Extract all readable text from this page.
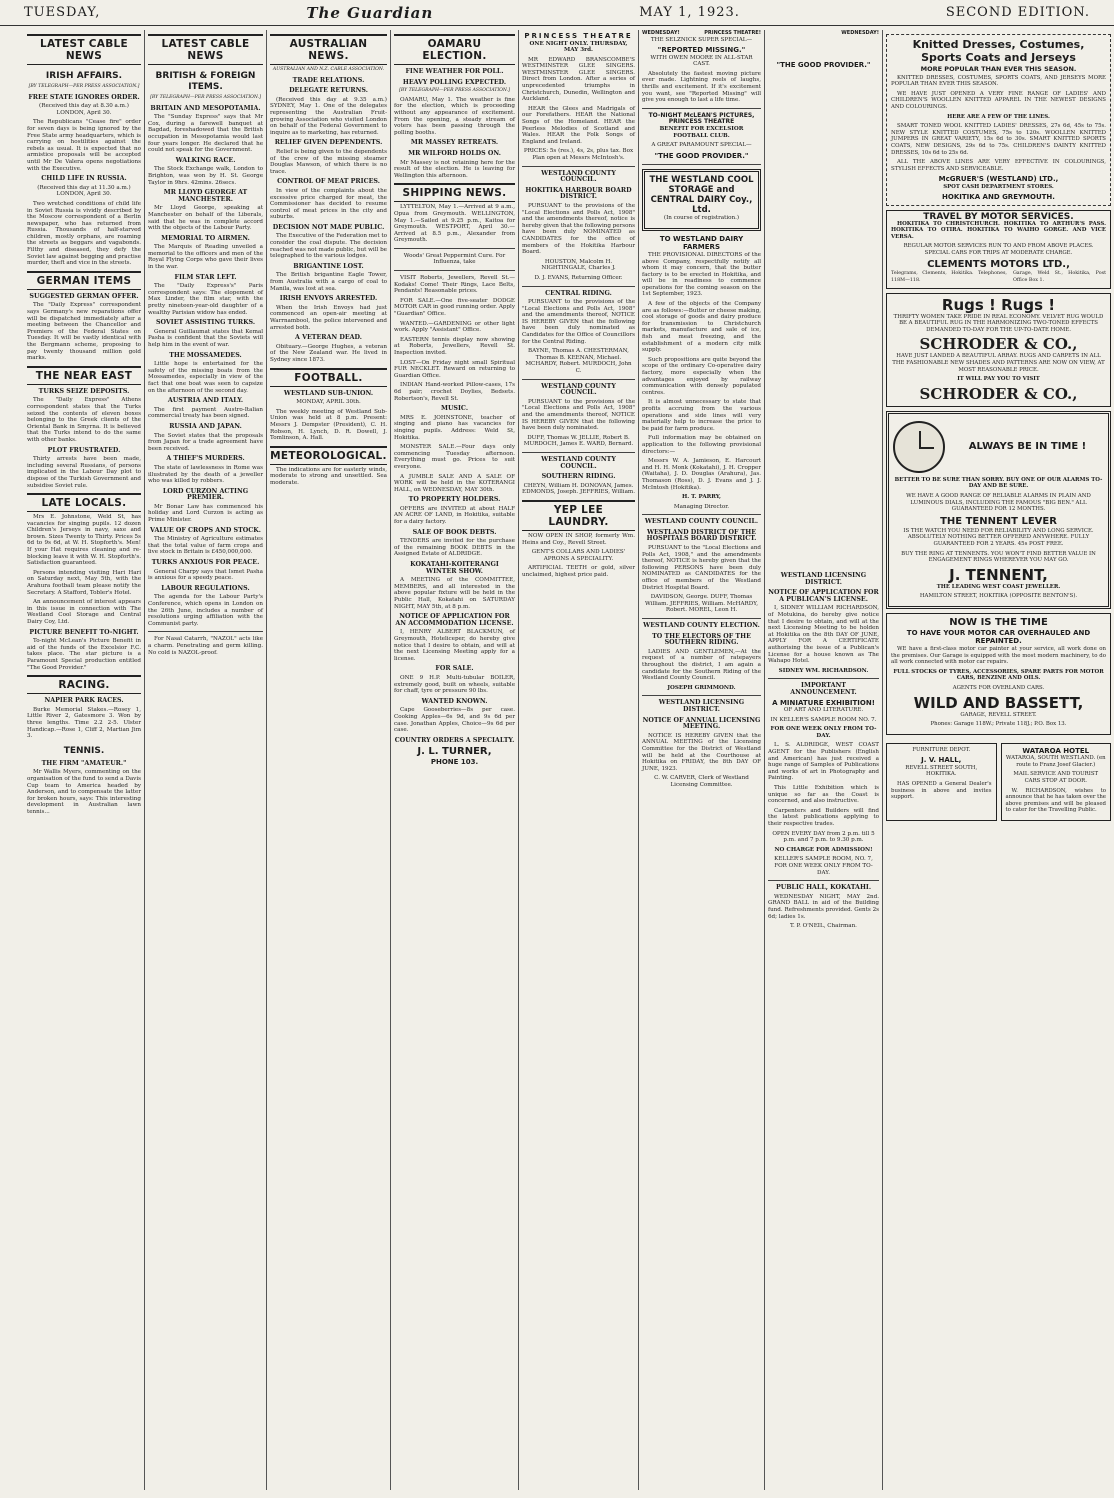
TUESDAY,	The Guardian	MAY 1, 1923.	SECOND EDITION.
LATEST CABLE NEWS
IRISH AFFAIRS.
[BY TELEGRAPH—PER PRESS ASSOCIATION.]
FREE STATE IGNORES ORDER.

(Received this day at 8.30 a.m.) LONDON, April 30.

The Republicans "Cease fire" order for seven days is being ignored by the Free State army headquarters, which is carrying on hostilities against the rebels as usual. It is expected that no armistice proposals will be accepted until Mr De Valera opens negotiations with the Executive.

CHILD LIFE IN RUSSIA.

(Received this day at 11.30 a.m.) LONDON, April 30.

Two wretched conditions of child life in Soviet Russia is vividly described by the Moscow correspondent of a Berlin newspaper, who has returned from Russia. Thousands of half-starved children, mostly orphans, are roaming the streets as beggars and vagabonds. Filthy and diseased, they defy the Soviet law against begging and practise murder, theft and vice in the streets.

GERMAN ITEMS
SUGGESTED GERMAN OFFER.

The "Daily Express" correspondent says Germany's new reparations offer will be dispatched immediately after a meeting between the Chancellor and Premiers of the Federal States on Tuesday. It will be vastly identical with the Bergmann scheme, proposing to pay twenty thousand million gold marks.

THE NEAR EAST
TURKS SEIZE DEPOSITS.

The "Daily Express" Athens correspondent states that the Turks seized the contents of eleven boxes belonging to the Greek clients of the Oriental Bank in Smyrna. It is believed that the Turks intend to do the same with other banks.

PLOT FRUSTRATED.

Thirty arrests have been made, including several Russians, of persons implicated in the Labour Day plot to dispose of the Turkish Government and subsidise Soviet rule.

LATE LOCALS.

Mrs E. Johnstone, Weld St, has vacancies for singing pupils. 12 dozen Children's Jerseys in navy, saxe and brown. Sizes Twenty to Thirty. Prices 5s 6d to 9s 6d, at W. H. Stopforth's. Men! If your Hat requires cleaning and re-blocking leave it with W. H. Stopforth's. Satisfaction guaranteed.

Persons intending visiting Hari Hari on Saturday next, May 5th, with the Arahura football team please notify the Secretary. A Stafford, Tobler's Hotel.

An announcement of interest appears in this issue in connection with The Westland Cool Storage and Central Dairy Coy, Ltd.

PICTURE BENEFIT TO-NIGHT.

To-night McLean's Picture Benefit in aid of the funds of the Excelsior F.C. takes place. The star picture is a Paramount Special production entitled "The Good Provider."

RACING.
NAPIER PARK RACES.

Burke Memorial Stakes.—Rosey 1, Little River 2, Gatesmore 3. Won by three lengths. Time 2.2 2-5. Ulster Handicap.—Rose 1, Cliff 2, Martian Jim 3.

TENNIS.
THE FIRM "AMATEUR."

Mr Wallis Myers, commenting on the organisation of the fund to send a Davis Cup team to America headed by Anderson, and to compensate the latter for broken hours, says: This interesting development in Australian lawn tennis...

LATEST CABLE NEWS
BRITISH & FOREIGN ITEMS.
[BY TELEGRAPH—PER PRESS ASSOCIATION.]
BRITAIN AND MESOPOTAMIA.

The "Sunday Express" says that Mr Cox, during a farewell banquet at Bagdad, foreshadowed that the British occupation in Mesopotamia would last four years longer. He declared that he could not speak for the Government.

WALKING RACE.

The Stock Exchange walk, London to Brighton, was won by H. St. George Taylor in 9hrs. 42mins. 26secs.

MR LLOYD GEORGE AT MANCHESTER.

Mr Lloyd George, speaking at Manchester on behalf of the Liberals, said that he was in complete accord with the objects of the Labour Party.

MEMORIAL TO AIRMEN.

The Marquis of Reading unveiled a memorial to the officers and men of the Royal Flying Corps who gave their lives in the war.

FILM STAR LEFT.

The "Daily Express's" Paris correspondent says: The elopement of Max Linder, the film star, with the pretty nineteen-year-old daughter of a wealthy Parisian widow has ended.

SOVIET ASSISTING TURKS.

General Guillaumat states that Kemal Pasha is confident that the Soviets will help him in the event of war.

THE MOSSAMEDES.

Little hope is entertained for the safety of the missing boats from the Mossamedes, especially in view of the fact that one boat was seen to capsize on the afternoon of the second day.

AUSTRIA AND ITALY.

The first payment Austro-Italian commercial treaty has been signed.

RUSSIA AND JAPAN.

The Soviet states that the proposals from Japan for a trade agreement have been received.

A THIEF'S MURDERS.

The state of lawlessness in Rome was illustrated by the death of a jeweller who was killed by robbers.

LORD CURZON ACTING PREMIER.

Mr Bonar Law has commenced his holiday and Lord Curzon is acting as Prime Minister.

VALUE OF CROPS AND STOCK.

The Ministry of Agriculture estimates that the total value of farm crops and live stock in Britain is £450,000,000.

TURKS ANXIOUS FOR PEACE.

General Charpy says that Ismet Pasha is anxious for a speedy peace.

LABOUR REGULATIONS.

The agenda for the Labour Party's Conference, which opens in London on the 26th June, includes a number of resolutions urging affiliation with the Communist party.

For Nasal Catarrh, "NAZOL" acts like a charm. Penetrating and germ killing. No cold is NAZOL-proof.

AUSTRALIAN NEWS.
AUSTRALIAN AND N.Z. CABLE ASSOCIATION.
TRADE RELATIONS.
DELEGATE RETURNS.

(Received this day at 9.35 a.m.) SYDNEY, May 1. One of the delegates representing the Australian Fruit-growing Association who visited London on behalf of the Federal Government to inquire as to marketing, has returned.

RELIEF GIVEN DEPENDENTS.

Relief is being given to the dependents of the crew of the missing steamer Douglas Mawson, of which there is no trace.

CONTROL OF MEAT PRICES.

In view of the complaints about the excessive price charged for meat, the Commissioner has decided to resume control of meat prices in the city and suburbs.

DECISION NOT MADE PUBLIC.

The Executive of the Federation met to consider the coal dispute. The decision reached was not made public, but will be telegraphed to the various lodges.

BRIGANTINE LOST.

The British brigantine Eagle Tower, from Australia with a cargo of coal to Manila, was lost at sea.

IRISH ENVOYS ARRESTED.

When the Irish Envoys had just commenced an open-air meeting at Warrnambool, the police intervened and arrested both.

A VETERAN DEAD.

Obituary.—George Hughes, a veteran of the New Zealand war. He lived in Sydney since 1873.

FOOTBALL.
WESTLAND SUB-UNION.

MONDAY, APRIL 30th.

The weekly meeting of Westland Sub-Union was held at 8 p.m. Present: Messrs J. Dempster (President), C. H. Robson, H. Lynch, D. R. Dowell, J. Tomlinson, A. Hall.

METEOROLOGICAL.

The indications are for easterly winds, moderate to strong and unsettled. Sea moderate.

OAMARU ELECTION.
FINE WEATHER FOR POLL.
HEAVY POLLING EXPECTED.
[BY TELEGRAPH—PER PRESS ASSOCIATION.]

OAMARU, May 1. The weather is fine for the election, which is proceeding without any appearance of excitement. From the opening, a steady stream of voters has been passing through the polling booths.

MR MASSEY RETREATS.
MR WILFORD HOLDS ON.

Mr Massey is not retaining here for the result of the election. He is leaving for Wellington this afternoon.

SHIPPING NEWS.

LYTTELTON, May 1.—Arrived at 9 a.m., Opua from Greymouth. WELLINGTON, May 1.—Sailed at 9.25 p.m., Kaitoa for Greymouth. WESTPORT, April 30.—Arrived at 8.5 p.m., Alexander from Greymouth.

Woods' Great Peppermint Cure. For Influenza, take

VISIT Roberts, Jewellers, Revell St.—Kodaks! Come! Their Rings, Lace Belts, Pendants! Reasonable prices.

FOR SALE.—One five-seater DODGE MOTOR CAR in good running order. Apply "Guardian" Office.

WANTED.—GARDENING or other light work. Apply "Assistant" Office.

EASTERN tennis display now showing at Roberts, Jewellers, Revell St. Inspection invited.

LOST—On Friday night small Spiritual FUR NECKLET. Reward on returning to Guardian Office.

INDIAN Hand-worked Pillow-cases, 17s 6d pair; crochet Doylies, Bedsets. Robertson's, Revell St.

MUSIC.

MRS E. JOHNSTONE, teacher of singing and piano has vacancies for singing pupils. Address: Weld St, Hokitika.

MONSTER SALE.—Four days only commencing Tuesday afternoon. Everything must go. Prices to suit everyone.

A JUMBLE SALE AND A SALE OF WORK will be held in the KOTERANGI HALL, on WEDNESDAY, MAY 30th.

TO PROPERTY HOLDERS.

OFFERS are INVITED at about HALF AN ACRE OF LAND, in Hokitika, suitable for a dairy factory.

SALE OF BOOK DEBTS.

TENDERS are invited for the purchase of the remaining BOOK DEBTS in the Assigned Estate of ALDRIDGE.

KOKATAHI-KOITERANGI WINTER SHOW.

A MEETING of the COMMITTEE, MEMBERS, and all interested in the above popular fixture will be held in the Public Hall, Kokatahi on SATURDAY NIGHT, MAY 5th, at 8 p.m.

NOTICE OF APPLICATION FOR AN ACCOMMODATION LICENSE.

I, HENRY ALBERT BLACKMUN, of Greymouth, Hoteliceper, do hereby give notice that I desire to obtain, and will at the next Licensing Meeting apply for a license.

FOR SALE.

ONE 9 H.P. Multi-tubular BOILER, extremely good, built on wheels, suitable for chaff, tyre or pressure 90 lbs.

WANTED KNOWN.

Cape Gooseberries—8s per case. Cooking Apples—6s 9d, and 9s 6d per case. Jonathan Apples, Choice—9s 6d per case.

COUNTRY ORDERS A SPECIALTY.
J. L. TURNER,
PHONE 103.
PRINCESS THEATRE

ONE NIGHT ONLY. THURSDAY, MAY 3rd.

MR EDWARD BRANSCOMBE'S WESTMINSTER GLEE SINGERS. WESTMINSTER GLEE SINGERS. Direct from London. After a series of unprecedented triumphs in Christchurch, Dunedin, Wellington and Auckland.

HEAR the Glees and Madrigals of our Forefathers. HEAR the National Songs of the Homeland. HEAR the Peerless Melodies of Scotland and Wales. HEAR the Folk Songs of England and Ireland.

PRICES: 5s (res.), 4s, 2s, plus tax. Box Plan open at Messrs McIntosh's.

WESTLAND COUNTY COUNCIL.
HOKITIKA HARBOUR BOARD DISTRICT.

PURSUANT to the provisions of the "Local Elections and Polls Act, 1908" and the amendments thereof, notice is hereby given that the following persons have been duly NOMINATED as CANDIDATES for the office of members of the Hokitika Harbour Board.

HOUSTON, Malcolm H. NIGHTINGALE, Charles J.

D. J. EVANS, Returning Officer.

CENTRAL RIDING.

PURSUANT to the provisions of the "Local Elections and Polls Act, 1908" and the amendments thereof, NOTICE IS HEREBY GIVEN that the following have been duly nominated as Candidates for the Office of Councillors for the Central Riding.

BAYNE, Thomas A. CHESTERMAN, Thomas B. KEENAN, Michael. MCHARDY, Robert. MURDOCH, John C.

WESTLAND COUNTY COUNCIL.

PURSUANT to the provisions of the "Local Elections and Polls Act, 1908" and the amendments thereof, NOTICE IS HEREBY GIVEN that the following have been duly nominated.

DUFF, Thomas W. JELLIE, Robert B. MURDOCH, James E. WARD, Bernard.

WESTLAND COUNTY COUNCIL.
SOUTHERN RIDING.

CHEYN, William H. DONOVAN, James. EDMONDS, Joseph. JEFFRIES, William.

YEP LEE LAUNDRY.

NOW OPEN IN SHOP, formerly Wm. Heins and Coy., Revell Street.

GENT'S COLLARS AND LADIES' APRONS A SPECIALITY.

ARTIFICIAL TEETH or gold, silver unclaimed, highest price paid.

WEDNESDAY!	PRINCESS THEATRE!

THE SELZNICK SUPER SPECIAL—

"REPORTED MISSING."

WITH OWEN MOORE IN ALL-STAR CAST.

Absolutely the fastest moving picture ever made. Lightning reels of laughs, thrills and excitement. If it's excitement you want, see "Reported Missing" will give you enough to last a life time.

TO-NIGHT McLEAN'S PICTURES, PRINCESS THEATRE

BENEFIT FOR EXCELSIOR FOOTBALL CLUB.

A GREAT PARAMOUNT SPECIAL—

"THE GOOD PROVIDER."
THE WESTLAND COOL STORAGE and CENTRAL DAIRY Coy., Ltd.

(In course of registration.)

TO WESTLAND DAIRY FARMERS

THE PROVISIONAL DIRECTORS of the above Company, respectfully notify all whom it may concern, that the butter factory is to be erected in Hokitika, and will be in readiness to commence operations for the coming season on the 1st September, 1923.

A few of the objects of the Company are as follows:—Butter or cheese making, cool storage of goods and dairy produce for transmission to Christchurch markets, manufacture and sale of ice, fish and meat freezing, and the establishment of a modern city milk supply.

Such propositions are quite beyond the scope of the ordinary Co-operative dairy factory, more especially when the advantages enjoyed by railway communication with densely populated centres.

It is almost unnecessary to state that profits accruing from the various operations and side lines will very materially help to increase the price to be paid for farm produce.

Full information may be obtained on application to the following provisional directors:—

Messrs W. A. Jamieson, E. Harcourt and H. H. Monk (Kokatahi), J. H. Cropper (Waitaha), J. D. Douglas (Arahura), Jas. Thomason (Ross), D. J. Evans and J. J. McIntosh (Hokitika).

H. T. PARRY,

Managing Director.

WESTLAND COUNTY COUNCIL.
WESTLAND DISTRICT OF THE HOSPITALS BOARD DISTRICT.

PURSUANT to the "Local Elections and Polls Act, 1908," and the amendments thereof, NOTICE is hereby given that the following PERSONS have been duly NOMINATED as CANDIDATES for the office of members of the Westland District Hospital Board.

DAVIDSON, George. DUFF, Thomas William. JEFFRIES, William. McHARDY, Robert. MOREL, Leon H.

WESTLAND COUNTY ELECTION.
TO THE ELECTORS OF THE SOUTHERN RIDING.

LADIES AND GENTLEMEN,—At the request of a number of ratepayers throughout the district, I am again a candidate for the Southern Riding of the Westland County Council.

JOSEPH GRIMMOND.

WESTLAND LICENSING DISTRICT.
NOTICE OF ANNUAL LICENSING MEETING.

NOTICE IS HEREBY GIVEN that the ANNUAL MEETING of the Licensing Committee for the District of Westland will be held at the Courthouse at Hokitika on FRIDAY, the 8th DAY OF JUNE, 1923.

C. W. CARVER, Clerk of Westland Licensing Committee.

WEDNESDAY!
"THE GOOD PROVIDER."
WESTLAND LICENSING DISTRICT.
NOTICE OF APPLICATION FOR A PUBLICAN'S LICENSE.

I, SIDNEY WILLIAM RICHARDSON, of Motukina, do hereby give notice that I desire to obtain, and will at the next Licensing Meeting to be holden at Hokitika on the 8th DAY OF JUNE, APPLY FOR A CERTIFICATE authorising the issue of a Publican's License for a house known as The Wahapo Hotel.

SIDNEY WM. RICHARDSON.

IMPORTANT ANNOUNCEMENT.
A MINIATURE EXHIBITION!

OF ART AND LITERATURE.

IN KELLER'S SAMPLE ROOM NO. 7.

FOR ONE WEEK ONLY FROM TO-DAY.

L. S. ALDRIDGE, WEST COAST AGENT for the Publishers (English and American) has just received a huge range of Samples of Publications and works of art in Photography and Painting.

This Little Exhibition which is unique so far as the Coast is concerned, and also instructive.

Carpenters and Builders will find the latest publications applying to their respective trades.

OPEN EVERY DAY from 2 p.m. till 5 p.m. and 7 p.m. to 9.30 p.m.

NO CHARGE FOR ADMISSION!

KELLER'S SAMPLE ROOM, NO. 7, FOR ONE WEEK ONLY FROM TO-DAY.

PUBLIC HALL, KOKATAHI.

WEDNESDAY NIGHT, MAY 2nd. GRAND BALL in aid of the Building fund. Refreshments provided. Gents 2s 6d; ladies 1s.

T. P. O'NEIL, Chairman.

Knitted Dresses, Costumes, Sports Coats and Jerseys
MORE POPULAR THAN EVER THIS SEASON.

KNITTED DRESSES, COSTUMES, SPORTS COATS, AND JERSEYS MORE POPULAR THAN EVER THIS SEASON.

WE HAVE JUST OPENED A VERY FINE RANGE OF LADIES' AND CHILDREN'S WOOLLEN KNITTED APPAREL IN THE NEWEST DESIGNS AND COLOURINGS.

HERE ARE A FEW OF THE LINES.

SMART TONED WOOL KNITTED LADIES' DRESSES, 27s 6d, 45s to 75s. NEW STYLE KNITTED COSTUMES, 75s to 120s. WOOLLEN KNITTED JUMPERS IN GREAT VARIETY, 15s 6d to 30s. SMART KNITTED SPORTS COATS, NEW DESIGNS, 29s 6d to 75s. CHILDREN'S DAINTY KNITTED DRESSES, 10s 6d to 25s 6d.

ALL THE ABOVE LINES ARE VERY EFFECTIVE IN COLOURINGS, STYLISH EFFECTS AND SERVICEABLE.

McGRUER'S (WESTLAND) LTD.,

SPOT CASH DEPARTMENT STORES.

HOKITIKA AND GREYMOUTH.
TRAVEL BY MOTOR SERVICES.

HOKITIKA TO CHRISTCHURCH. HOKITIKA TO ARTHUR'S PASS. HOKITIKA TO OTIRA. HOKITIKA TO WAIHO GORGE. AND VICE VERSA.

REGULAR MOTOR SERVICES RUN TO AND FROM ABOVE PLACES. SPECIAL CARS FOR TRIPS AT MODERATE CHARGE.

CLEMENTS MOTORS LTD.,
Telegrams, Clements, Hokitika. Telephones, 118M—118.
Garage, Weld St., Hokitika, Post Office Box 1.
Rugs ! Rugs !

THRIFTY WOMEN TAKE PRIDE IN REAL ECONOMY. VELVET RUG WOULD BE A BEAUTIFUL RUG IN THE HARMONIZING TWO-TONED EFFECTS DEMANDED TO-DAY FOR THE UP-TO-DATE HOME.

SCHRODER & CO.,

HAVE JUST LANDED A BEAUTIFUL ARRAY. RUGS AND CARPETS IN ALL THE FASHIONABLE NEW SHADES AND PATTERNS ARE NOW ON VIEW, AT MOST REASONABLE PRICE.

IT WILL PAY YOU TO VISIT

SCHRODER & CO.,
ALWAYS BE IN TIME !

BETTER TO BE SURE THAN SORRY. BUY ONE OF OUR ALARMS TO-DAY AND BE SURE.

WE HAVE A GOOD RANGE OF RELIABLE ALARMS IN PLAIN AND LUMINOUS DIALS, INCLUDING THE FAMOUS "BIG BEN." ALL GUARANTEED FOR 12 MONTHS.

THE TENNENT LEVER

IS THE WATCH YOU NEED FOR RELIABILITY AND LONG SERVICE. ABSOLUTELY NOTHING BETTER OFFERED ANYWHERE. FULLY GUARANTEED FOR 2 YEARS. 45s POST FREE.

BUY THE RING AT TENNENTS. YOU WON'T FIND BETTER VALUE IN ENGAGEMENT RINGS WHEREVER YOU MAY GO.

J. TENNENT,

THE LEADING WEST COAST JEWELLER.

HAMILTON STREET, HOKITIKA (OPPOSITE BENTON'S).

NOW IS THE TIME
TO HAVE YOUR MOTOR CAR OVERHAULED AND REPAINTED.

WE have a first-class motor car painter at your service, all work done on the premises. Our Garage is equipped with the most modern machinery, to do all work connected with motor car repairs.

FULL STOCKS OF TYRES, ACCESSORIES, SPARE PARTS FOR MOTOR CARS, BENZINE AND OILS.

AGENTS FOR OVERLAND CARS.

WILD AND BASSETT,

GARAGE, REVELL STREET.

Phones: Garage 118W.; Private 118J.; P.O. Box 13.

FURNITURE DEPOT.

J. V. HALL,

REVELL STREET SOUTH, HOKITIKA.

HAS OPENED a General Dealer's business in above and invites support.

WATAROA HOTEL

WATAROA, SOUTH WESTLAND. (en route to Franz Josef Glacier.)

MAIL SERVICE AND TOURIST CARS STOP AT DOOR.

W. RICHARDSON, wishes to announce that he has taken over the above premises and will be pleased to cater for the Travelling Public.
